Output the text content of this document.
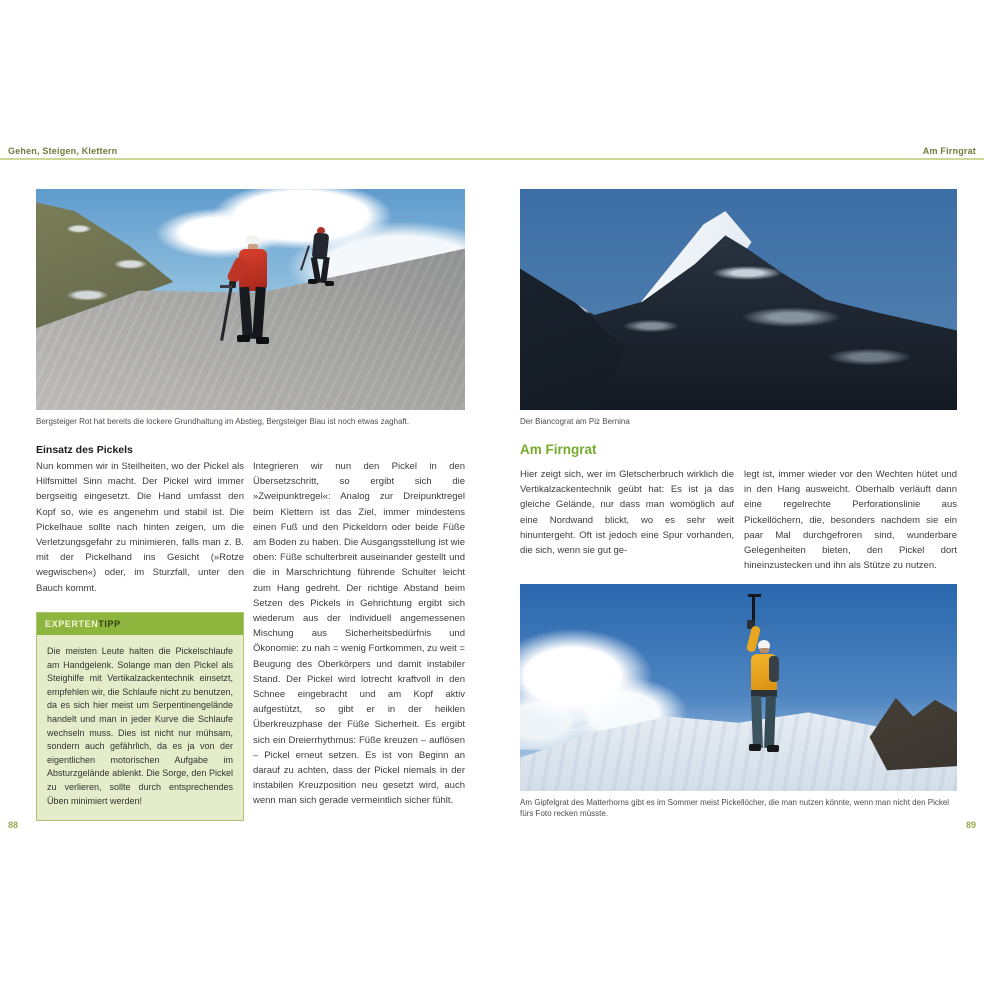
Gehen, Steigen, Klettern	Am Firngrat
Bergsteiger Rot hat bereits die lockere Grundhaltung im Abstieg, Bergsteiger Blau ist noch etwas zaghaft.
Einsatz des Pickels
Nun kommen wir in Steilheiten, wo der Pickel als Hilfsmittel Sinn macht. Der Pickel wird immer bergseitig eingesetzt. Die Hand umfasst den Kopf so, wie es angenehm und stabil ist. Die Pickelhaue sollte nach hinten zeigen, um die Verletzungsgefahr zu minimieren, falls man z. B. mit der Pickelhand ins Gesicht (»Rotze wegwischen«) oder, im Sturzfall, unter den Bauch kommt.
EXPERTENTIPP
Die meisten Leute halten die Pickelschlaufe am Handgelenk. Solange man den Pickel als Steighilfe mit Vertikalzackentechnik einsetzt, empfehlen wir, die Schlaufe nicht zu benutzen, da es sich hier meist um Serpentinengelände handelt und man in jeder Kurve die Schlaufe wechseln muss. Dies ist nicht nur mühsam, sondern auch gefährlich, da es ja von der eigentlichen motorischen Aufgabe im Absturzgelände ablenkt. Die Sorge, den Pickel zu verlieren, sollte durch entsprechendes Üben minimiert werden!
Integrieren wir nun den Pickel in den Übersetzschritt, so ergibt sich die »Zweipunktregel«: Analog zur Dreipunktregel beim Klettern ist das Ziel, immer mindestens einen Fuß und den Pickeldorn oder beide Füße am Boden zu haben. Die Ausgangsstellung ist wie oben: Füße schulterbreit auseinander gestellt und die in Marschrichtung führende Schulter leicht zum Hang gedreht. Der richtige Abstand beim Setzen des Pickels in Gehrichtung ergibt sich wiederum aus der individuell angemessenen Mischung aus Sicherheitsbedürfnis und Ökonomie: zu nah = wenig Fortkommen, zu weit = Beugung des Oberkörpers und damit instabiler Stand. Der Pickel wird lotrecht kraftvoll in den Schnee eingebracht und am Kopf aktiv aufgestützt, so gibt er in der heiklen Überkreuzphase der Füße Sicherheit. Es ergibt sich ein Dreierrhythmus: Füße kreuzen – auflösen – Pickel erneut setzen. Es ist von Beginn an darauf zu achten, dass der Pickel niemals in der instabilen Kreuzposition neu gesetzt wird, auch wenn man sich gerade vermeintlich sicher fühlt.
88
Der Biancograt am Piz Bernina
Am Firngrat
Hier zeigt sich, wer im Gletscherbruch wirklich die Vertikalzackentechnik geübt hat: Es ist ja das gleiche Gelände, nur dass man womöglich auf eine Nordwand blickt, wo es sehr weit hinuntergeht. Oft ist jedoch eine Spur vorhanden, die sich, wenn sie gut ge-
legt ist, immer wieder vor den Wechten hütet und in den Hang ausweicht. Oberhalb verläuft dann eine regelrechte Perforationslinie aus Pickellöchern, die, besonders nachdem sie ein paar Mal durchgefroren sind, wunderbare Gelegenheiten bieten, den Pickel dort hineinzustecken und ihn als Stütze zu nutzen.
Am Gipfelgrat des Matterhorns gibt es im Sommer meist Pickellöcher, die man nutzen könnte, wenn man nicht den Pickel fürs Foto recken müsste.
89
